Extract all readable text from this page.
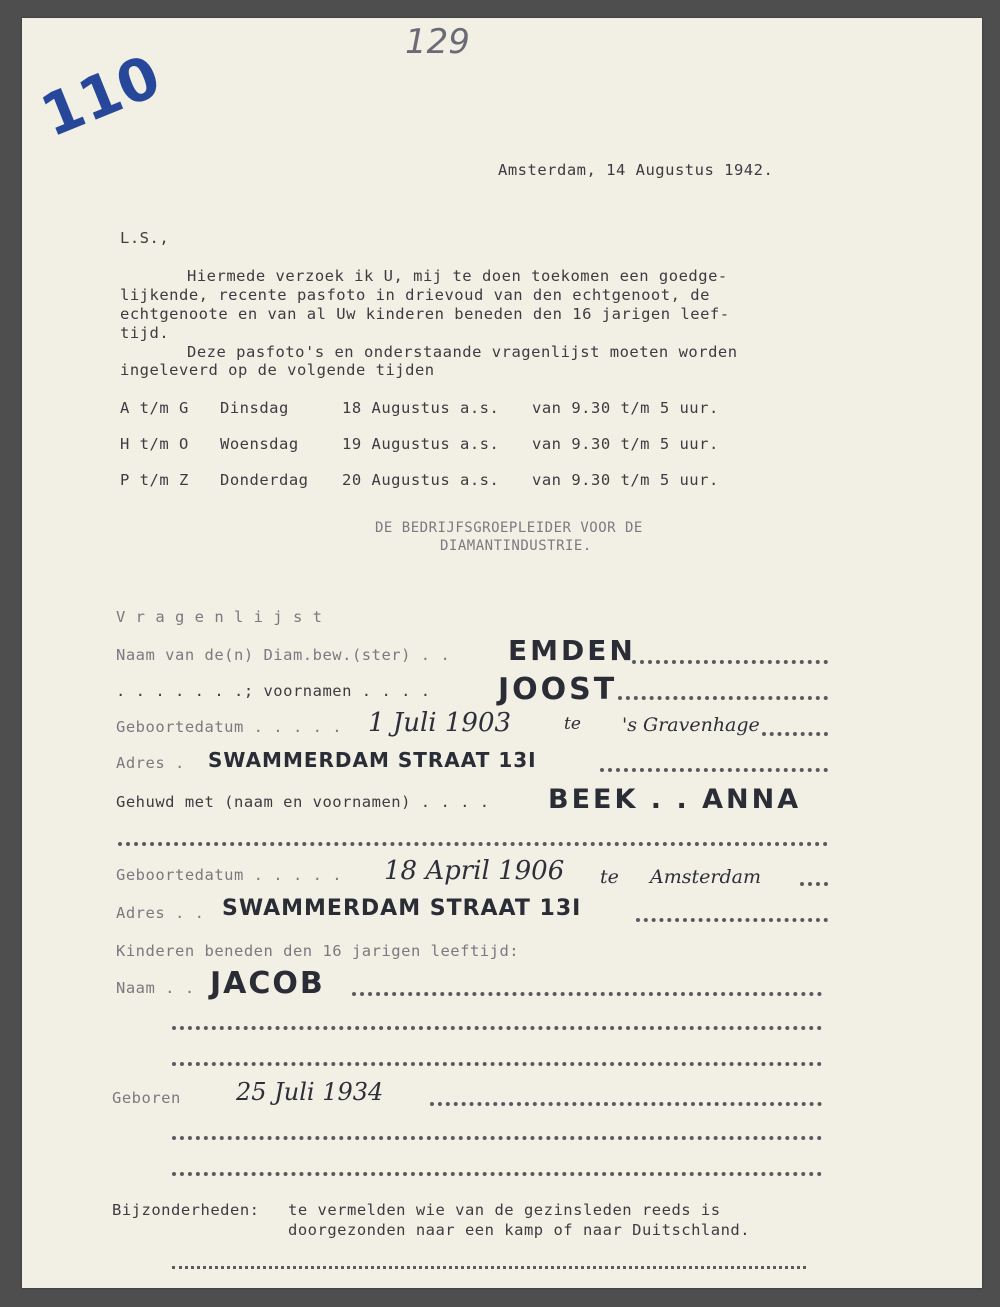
129
110
Amsterdam, 14 Augustus 1942.
L.S.,
Hiermede verzoek ik U, mij te doen toekomen een goedge-
lijkende, recente pasfoto in drievoud van den echtgenoot, de
echtgenoote en van al Uw kinderen beneden den 16 jarigen leef-
tijd.
Deze pasfoto's en onderstaande vragenlijst moeten worden
ingeleverd op de volgende tijden
A t/m G Dinsdag	18 Augustus a.s. van 9.30 t/m 5 uur.
H t/m O Woensdag	19 Augustus a.s. van 9.30 t/m 5 uur.
P t/m Z Donderdag 20 Augustus a.s. van 9.30 t/m 5 uur.
DE BEDRIJFSGROEPLEIDER VOOR DE
DIAMANTINDUSTRIE.
V r a g e n l i j s t
Naam van de(n) Diam.bew.(ster) . . EMDEN
. . . . . . .; voornamen . . . . JOOST
Geboortedatum . . . . . 1 Juli 1903	te 's Gravenhage
Adres . SWAMMERDAM STRAAT 13I
Gehuwd met (naam en voornamen) . . . . BEEK . . ANNA
Geboortedatum . . . . . 18 April 1906 te Amsterdam
Adres . . SWAMMERDAM STRAAT 13I
Kinderen beneden den 16 jarigen leeftijd:
Naam . . JACOB
Geboren 25 Juli 1934
Bijzonderheden: te vermelden wie van de gezinsleden reeds is
doorgezonden naar een kamp of naar Duitschland.
